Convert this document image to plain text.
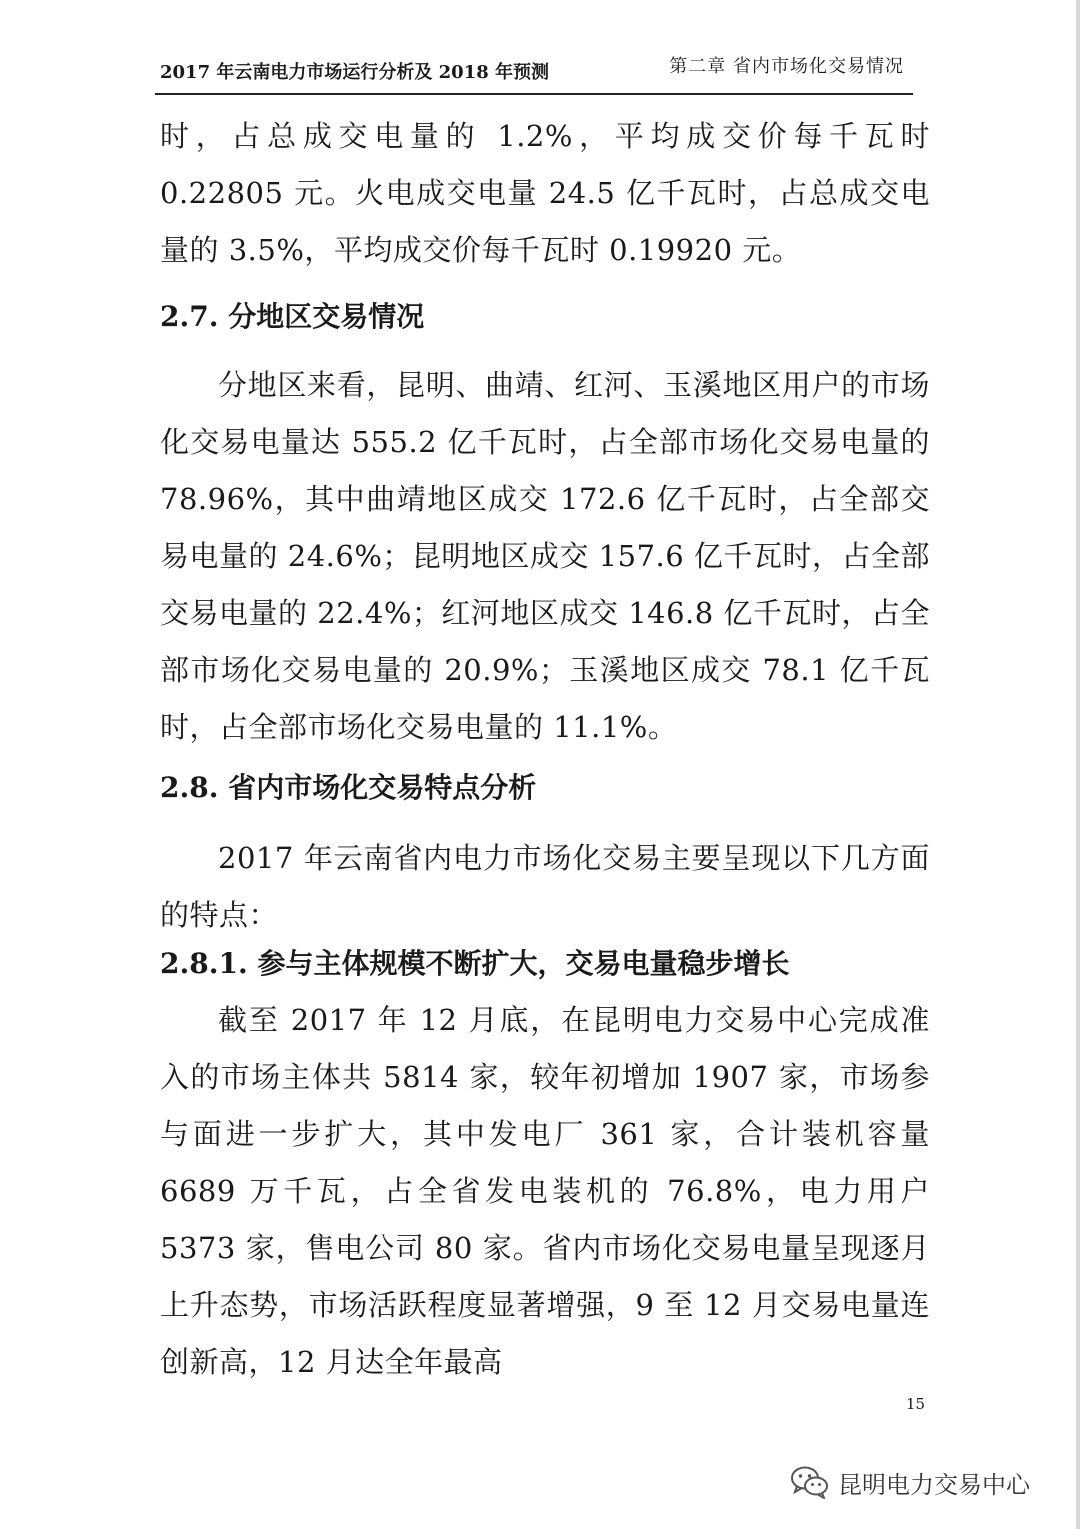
2017 年云南电力市场运行分析及 2018 年预测	第二章 省内市场化交易情况

时，占总成交电量的 1.2%，平均成交价每千瓦时 0.22805 元。火电成交电量 24.5 亿千瓦时，占总成交电量的 3.5%，平均成交价每千瓦时 0.19920 元。

2.7. 分地区交易情况

分地区来看，昆明、曲靖、红河、玉溪地区用户的市场化交易电量达 555.2 亿千瓦时，占全部市场化交易电量的 78.96%，其中曲靖地区成交 172.6 亿千瓦时，占全部交易电量的 24.6%；昆明地区成交 157.6 亿千瓦时，占全部交易电量的 22.4%；红河地区成交 146.8 亿千瓦时，占全部市场化交易电量的 20.9%；玉溪地区成交 78.1 亿千瓦时，占全部市场化交易电量的 11.1%。

2.8. 省内市场化交易特点分析

2017 年云南省内电力市场化交易主要呈现以下几方面的特点：

2.8.1. 参与主体规模不断扩大，交易电量稳步增长

截至 2017 年 12 月底，在昆明电力交易中心完成准入的市场主体共 5814 家，较年初增加 1907 家，市场参与面进一步扩大，其中发电厂 361 家，合计装机容量 6689 万千瓦，占全省发电装机的 76.8%，电力用户 5373 家，售电公司 80 家。省内市场化交易电量呈现逐月上升态势，市场活跃程度显著增强，9 至 12 月交易电量连创新高，12 月达全年最高

15
昆明电力交易中心
